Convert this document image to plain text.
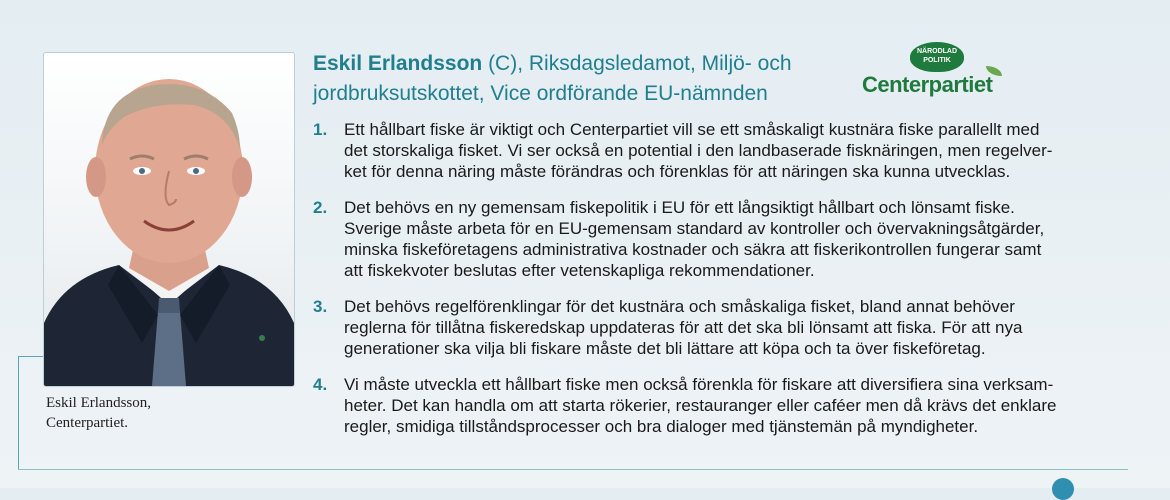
Eskil Erlandsson,
Centerpartiet.
Eskil Erlandsson (C), Riksdagsledamot, Miljö- och
jordbruksutskottet, Vice ordförande EU-nämnden
NÄRODLAD
POLITIK
Centerpartiet
1. Ett hållbart fiske är viktigt och Centerpartiet vill se ett småskaligt kustnära fiske parallellt med
det storskaliga fisket. Vi ser också en potential i den landbaserade fisknäringen, men regelver-
ket för denna näring måste förändras och förenklas för att näringen ska kunna utvecklas.
2. Det behövs en ny gemensam fiskepolitik i EU för ett långsiktigt hållbart och lönsamt fiske.
Sverige måste arbeta för en EU-gemensam standard av kontroller och övervakningsåtgärder,
minska fiskeföretagens administrativa kostnader och säkra att fiskerikontrollen fungerar samt
att fiskekvoter beslutas efter vetenskapliga rekommendationer.
3. Det behövs regelförenklingar för det kustnära och småskaliga fisket, bland annat behöver
reglerna för tillåtna fiskeredskap uppdateras för att det ska bli lönsamt att fiska. För att nya
generationer ska vilja bli fiskare måste det bli lättare att köpa och ta över fiskeföretag.
4. Vi måste utveckla ett hållbart fiske men också förenkla för fiskare att diversifiera sina verksam-
heter. Det kan handla om att starta rökerier, restauranger eller caféer men då krävs det enklare
regler, smidiga tillståndsprocesser och bra dialoger med tjänstemän på myndigheter.
